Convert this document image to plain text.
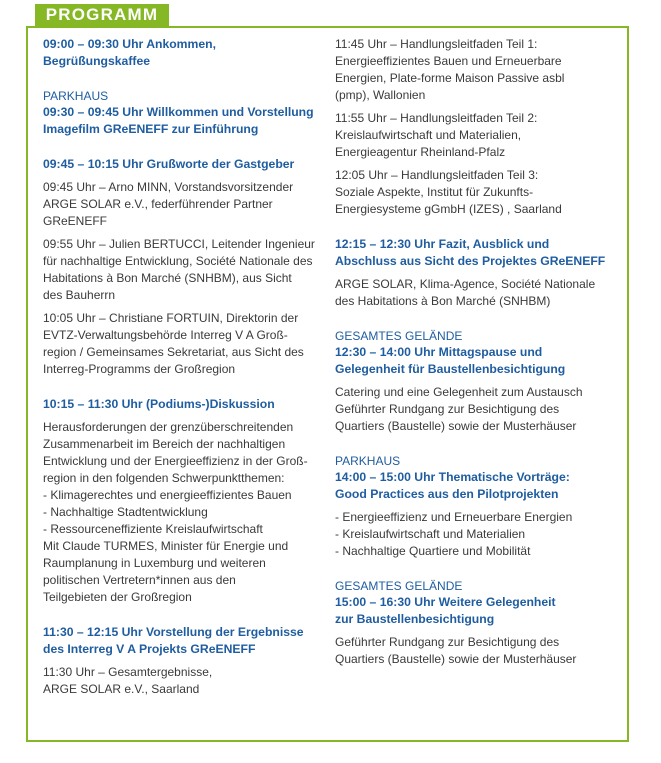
PROGRAMM
09:00 – 09:30 Uhr Ankommen,
Begrüßungskaffee
PARKHAUS
09:30 – 09:45 Uhr Willkommen und Vorstellung
Imagefilm GReENEFF zur Einführung
09:45 – 10:15 Uhr Grußworte der Gastgeber
09:45 Uhr – Arno MINN, Vorstandsvorsitzender
ARGE SOLAR e.V., federführender Partner
GReENEFF
09:55 Uhr – Julien BERTUCCI, Leitender Ingenieur
für nachhaltige Entwicklung, Société Nationale des
Habitations à Bon Marché (SNHBM), aus Sicht
des Bauherrn
10:05 Uhr – Christiane FORTUIN, Direktorin der
EVTZ-Verwaltungsbehörde Interreg V A Groß-
region / Gemeinsames Sekretariat, aus Sicht des
Interreg-Programms der Großregion
10:15 – 11:30 Uhr (Podiums-)Diskussion
Herausforderungen der grenzüberschreitenden
Zusammenarbeit im Bereich der nachhaltigen
Entwicklung und der Energieeffizienz in der Groß-
region in den folgenden Schwerpunktthemen:
- Klimagerechtes und energieeffizientes Bauen
- Nachhaltige Stadtentwicklung
- Ressourceneffiziente Kreislaufwirtschaft
Mit Claude TURMES, Minister für Energie und
Raumplanung in Luxemburg und weiteren
politischen Vertretern*innen aus den
Teilgebieten der Großregion
11:30 – 12:15 Uhr Vorstellung der Ergebnisse
des Interreg V A Projekts GReENEFF
11:30 Uhr – Gesamtergebnisse,
ARGE SOLAR e.V., Saarland
11:45 Uhr – Handlungsleitfaden Teil 1:
Energieeffizientes Bauen und Erneuerbare
Energien, Plate-forme Maison Passive asbl
(pmp), Wallonien
11:55 Uhr – Handlungsleitfaden Teil 2:
Kreislaufwirtschaft und Materialien,
Energieagentur Rheinland-Pfalz
12:05 Uhr – Handlungsleitfaden Teil 3:
Soziale Aspekte, Institut für Zukunfts-
Energiesysteme gGmbH (IZES) , Saarland
12:15 – 12:30 Uhr Fazit, Ausblick und
Abschluss aus Sicht des Projektes GReENEFF
ARGE SOLAR, Klima-Agence, Société Nationale
des Habitations à Bon Marché (SNHBM)
GESAMTES GELÄNDE
12:30 – 14:00 Uhr Mittagspause und
Gelegenheit für Baustellenbesichtigung
Catering und eine Gelegenheit zum Austausch
Geführter Rundgang zur Besichtigung des
Quartiers (Baustelle) sowie der Musterhäuser
PARKHAUS
14:00 – 15:00 Uhr Thematische Vorträge:
Good Practices aus den Pilotprojekten
- Energieeffizienz und Erneuerbare Energien
- Kreislaufwirtschaft und Materialien
- Nachhaltige Quartiere und Mobilität
GESAMTES GELÄNDE
15:00 – 16:30 Uhr Weitere Gelegenheit
zur Baustellenbesichtigung
Geführter Rundgang zur Besichtigung des
Quartiers (Baustelle) sowie der Musterhäuser
